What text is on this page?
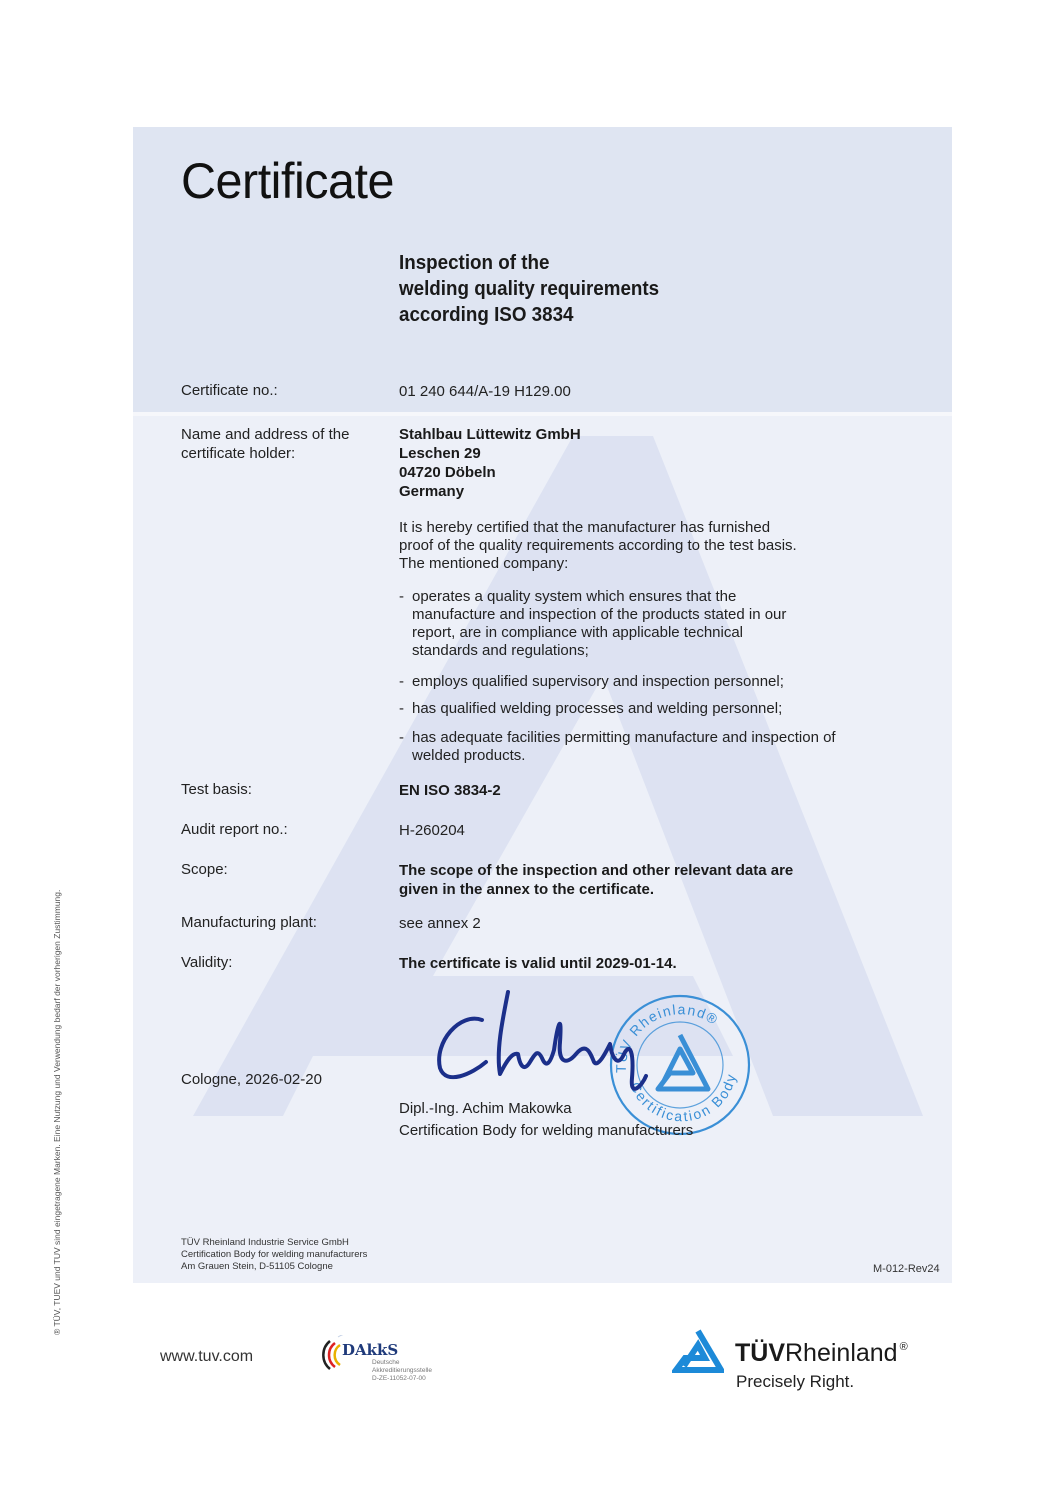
Certificate
Inspection of the
welding quality requirements
according ISO 3834
Certificate no.:	01 240 644/A-19 H129.00
Name and address of the
certificate holder:
Stahlbau Lüttewitz GmbH
Leschen 29
04720 Döbeln
Germany
It is hereby certified that the manufacturer has furnished
proof of the quality requirements according to the test basis.
The mentioned company:
- operates a quality system which ensures that the
manufacture and inspection of the products stated in our
report, are in compliance with applicable technical
standards and regulations;
- employs qualified supervisory and inspection personnel;
- has qualified welding processes and welding personnel;
- has adequate facilities permitting manufacture and inspection of
welded products.
Test basis:	EN ISO 3834-2
Audit report no.:	H-260204
Scope:	The scope of the inspection and other relevant data are
given in the annex to the certificate.
Manufacturing plant:	see annex 2
Validity:	The certificate is valid until 2029-01-14.
TÜV Rheinland®
Certification Body
Cologne, 2026-02-20
Dipl.-Ing. Achim Makowka
Certification Body for welding manufacturers
TÜV Rheinland Industrie Service GmbH
Certification Body for welding manufacturers
Am Grauen Stein, D-51105 Cologne	M-012-Rev24
www.tuv.com	DAkkS
Deutsche
Akkreditierungsstelle
D-ZE-11052-07-00
TÜVRheinland ®
Precisely Right.
® TÜV, TUEV und TUV sind eingetragene Marken. Eine Nutzung und Verwendung bedarf der vorherigen Zustimmung.
